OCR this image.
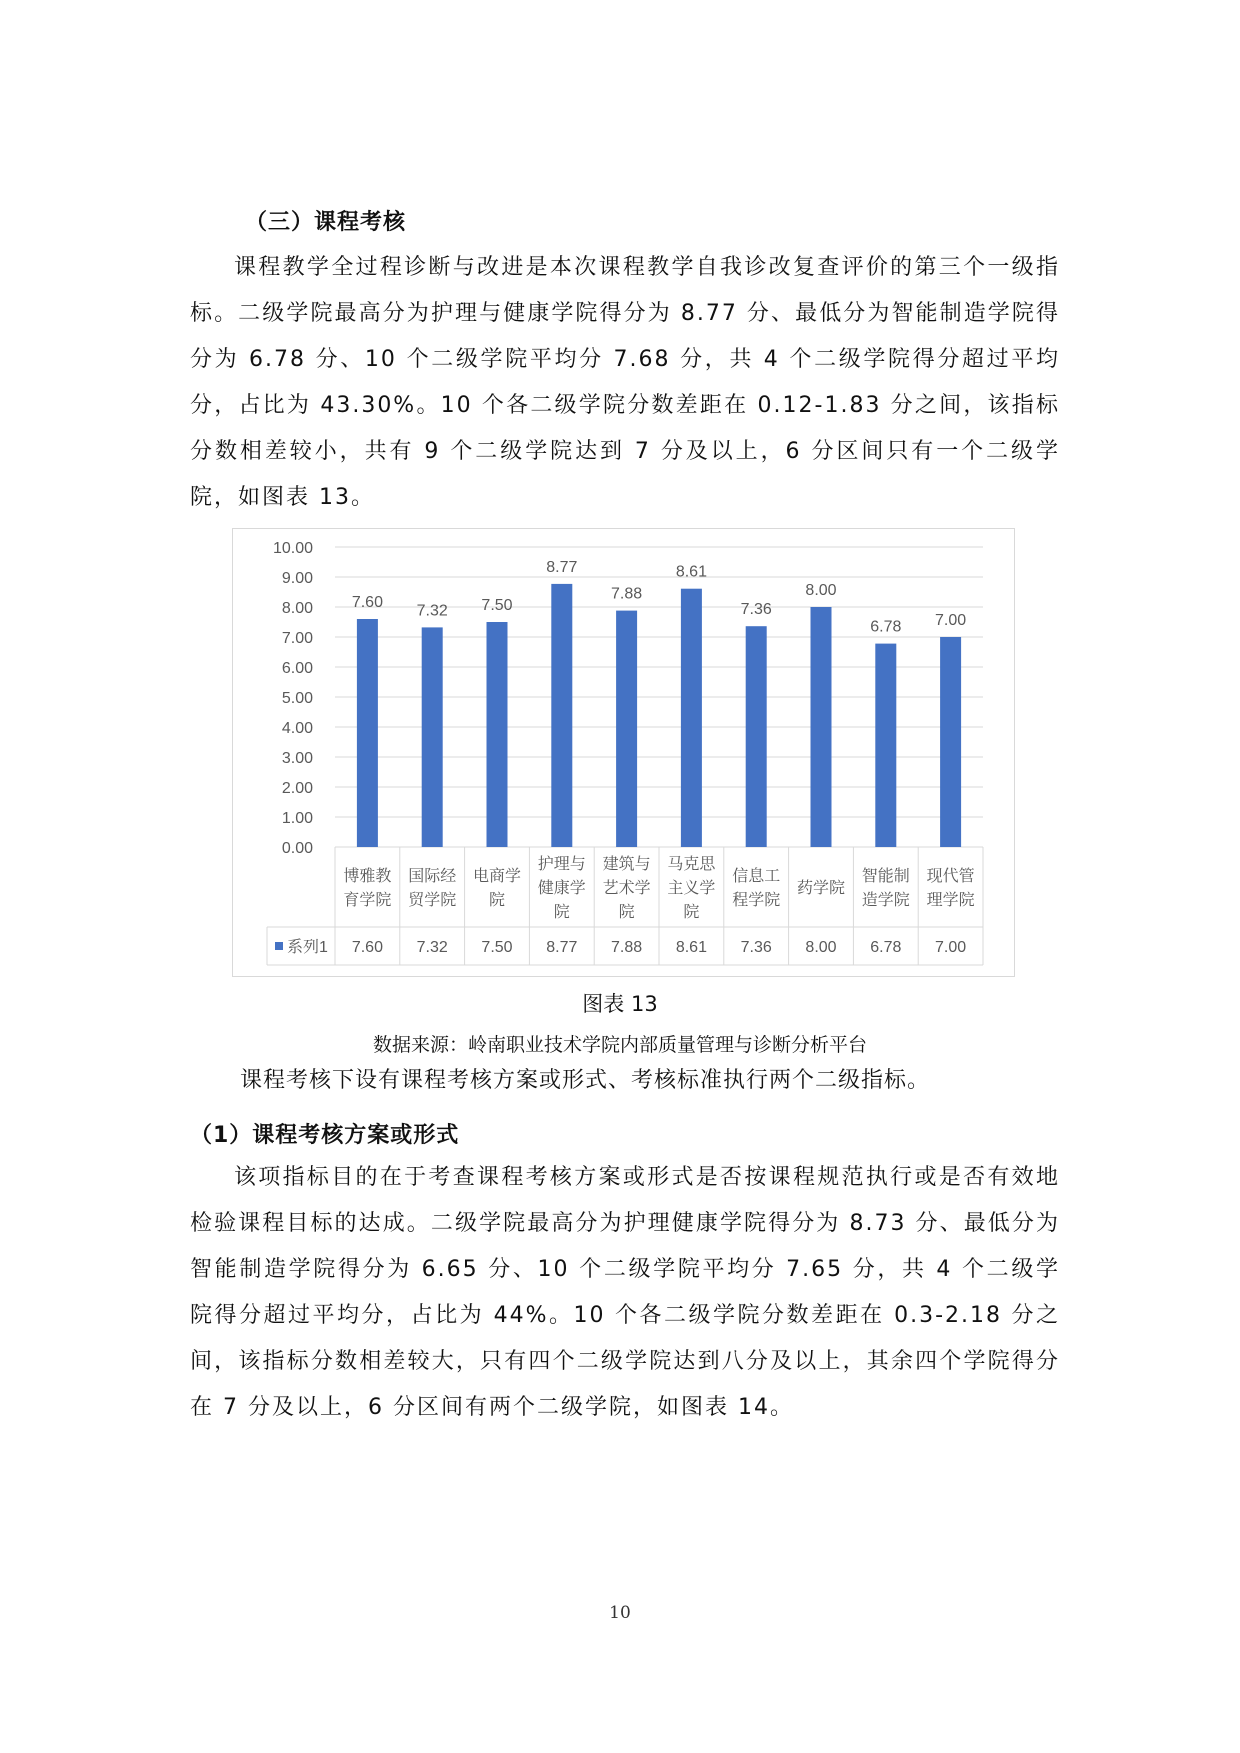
（三）课程考核

课程教学全过程诊断与改进是本次课程教学自我诊改复查评价的第三个一级指标。二级学院最高分为护理与健康学院得分为 8.77 分、最低分为智能制造学院得分为 6.78 分、10 个二级学院平均分 7.68 分，共 4 个二级学院得分超过平均分，占比为 43.30%。10 个各二级学院分数差距在 0.12-1.83 分之间，该指标分数相差较小，共有 9 个二级学院达到 7 分及以上，6 分区间只有一个二级学院，如图表 13。

0.00
1.00
2.00
3.00
4.00
5.00
6.00
7.00
8.00
9.00
10.00
7.60 7.32 7.50
8.77
7.88
8.61
7.36
8.00
6.78 7.00
博雅教育学院
国际经贸学院
电商学院
护理与健康学院
建筑与艺术学院
马克思主义学院
信息工程学院
药学院
智能制造学院
现代管理学院
系列1 7.60 7.32 7.50 8.77 7.88 8.61 7.36 8.00 6.78 7.00
图表 13
数据来源：岭南职业技术学院内部质量管理与诊断分析平台

课程考核下设有课程考核方案或形式、考核标准执行两个二级指标。

（1）课程考核方案或形式

该项指标目的在于考查课程考核方案或形式是否按课程规范执行或是否有效地检验课程目标的达成。二级学院最高分为护理健康学院得分为 8.73 分、最低分为智能制造学院得分为 6.65 分、10 个二级学院平均分 7.65 分，共 4 个二级学院得分超过平均分，占比为 44%。10 个各二级学院分数差距在 0.3-2.18 分之间，该指标分数相差较大，只有四个二级学院达到八分及以上，其余四个学院得分在 7 分及以上，6 分区间有两个二级学院，如图表 14。

10
